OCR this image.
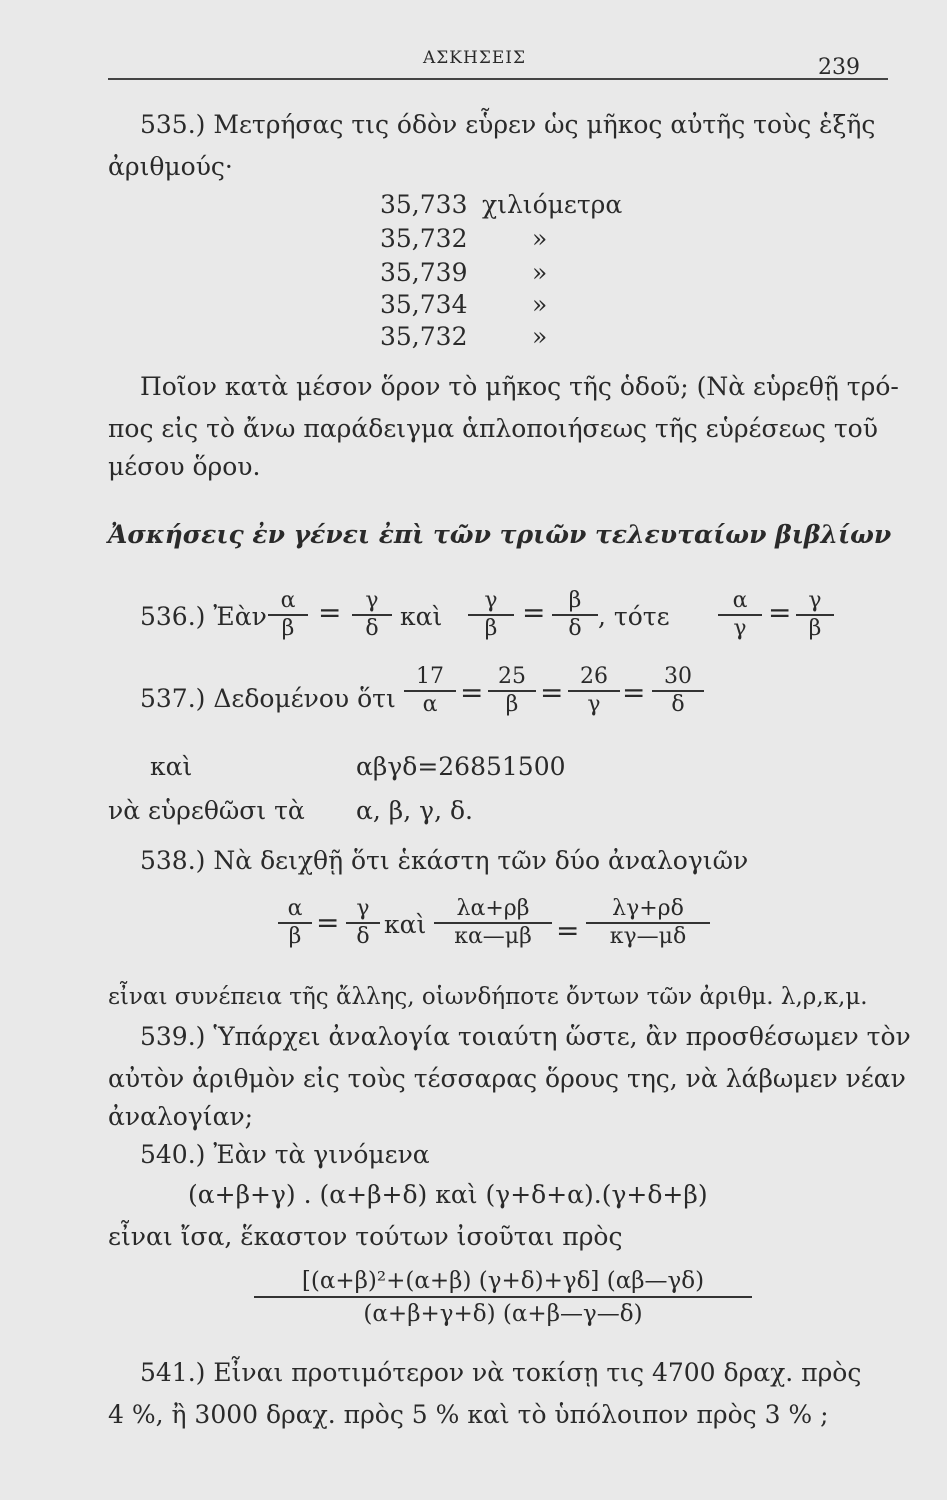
ΑΣΚΗΣΕΙΣ	239
535.) Μετρήσας τις όδὸν εὗρεν ὡς μῆκος αὐτῆς τοὺς ἑξῆς
ἀριθμούς·
35,733 χιλιόμετρα
35,732	»
35,739	»
35,734	»
35,732	»
Ποῖον κατὰ μέσον ὅρον τὸ μῆκος τῆς ὁδοῦ; (Νὰ εὑρεθῇ τρό-
πος εἰς τὸ ἄνω παράδειγμα ἁπλοποιήσεως τῆς εὑρέσεως τοῦ
μέσου ὅρου.
Ἀσκήσεις ἐν γένει ἐπὶ τῶν τριῶν τελευταίων βιβλίων
536.) Ἐὰν $\frac{\alpha}{\beta} = \frac{\gamma}{\delta}$ καὶ $\frac{\gamma}{\beta} = \frac{\beta}{\delta}$ , τότε $\frac{\alpha}{\gamma} = \frac{\gamma}{\beta}$
537.) Δεδομένου ὅτι $\frac{17}{\alpha} = \frac{25}{\beta} = \frac{26}{\gamma} = \frac{30}{\delta}$
καὶ	αβγδ=26851500
νὰ εὑρεθῶσι τὰ α, β, γ, δ.
538.) Νὰ δειχθῇ ὅτι ἑκάστη τῶν δύο ἀναλογιῶν
$\frac{\alpha}{\beta} = \frac{\gamma}{\delta}$ καὶ $\frac{\lambda\alpha+\rho\beta}{\kappa\alpha—\mu\beta} = \frac{\lambda\gamma+\rho\delta}{\kappa\gamma—\mu\delta}$
εἶναι συνέπεια τῆς ἄλλης, οἱωνδήποτε ὄντων τῶν ἀριθμ. λ,ρ,κ,μ.
539.) Ὑπάρχει ἀναλογία τοιαύτη ὥστε, ἂν προσθέσωμεν τὸν
αὐτὸν ἀριθμὸν εἰς τοὺς τέσσαρας ὅρους της, νὰ λάβωμεν νέαν
ἀναλογίαν;
540.) Ἐὰν τὰ γινόμενα
(α+β+γ) . (α+β+δ) καὶ (γ+δ+α).(γ+δ+β)
εἶναι ἴσα, ἕκαστον τούτων ἰσοῦται πρὸς
$\frac{\text{[(α+β)²+(α+β) (γ+δ)+γδ] (αβ—γδ)}}{(\alpha+\beta+\gamma+\delta) (\alpha+\beta—\gamma—\delta)}$
541.) Εἶναι προτιμότερον νὰ τοκίσῃ τις 4700 δραχ. πρὸς
4 %, ἢ 3000 δραχ. πρὸς 5 % καὶ τὸ ὑπόλοιπον πρὸς 3 % ;
